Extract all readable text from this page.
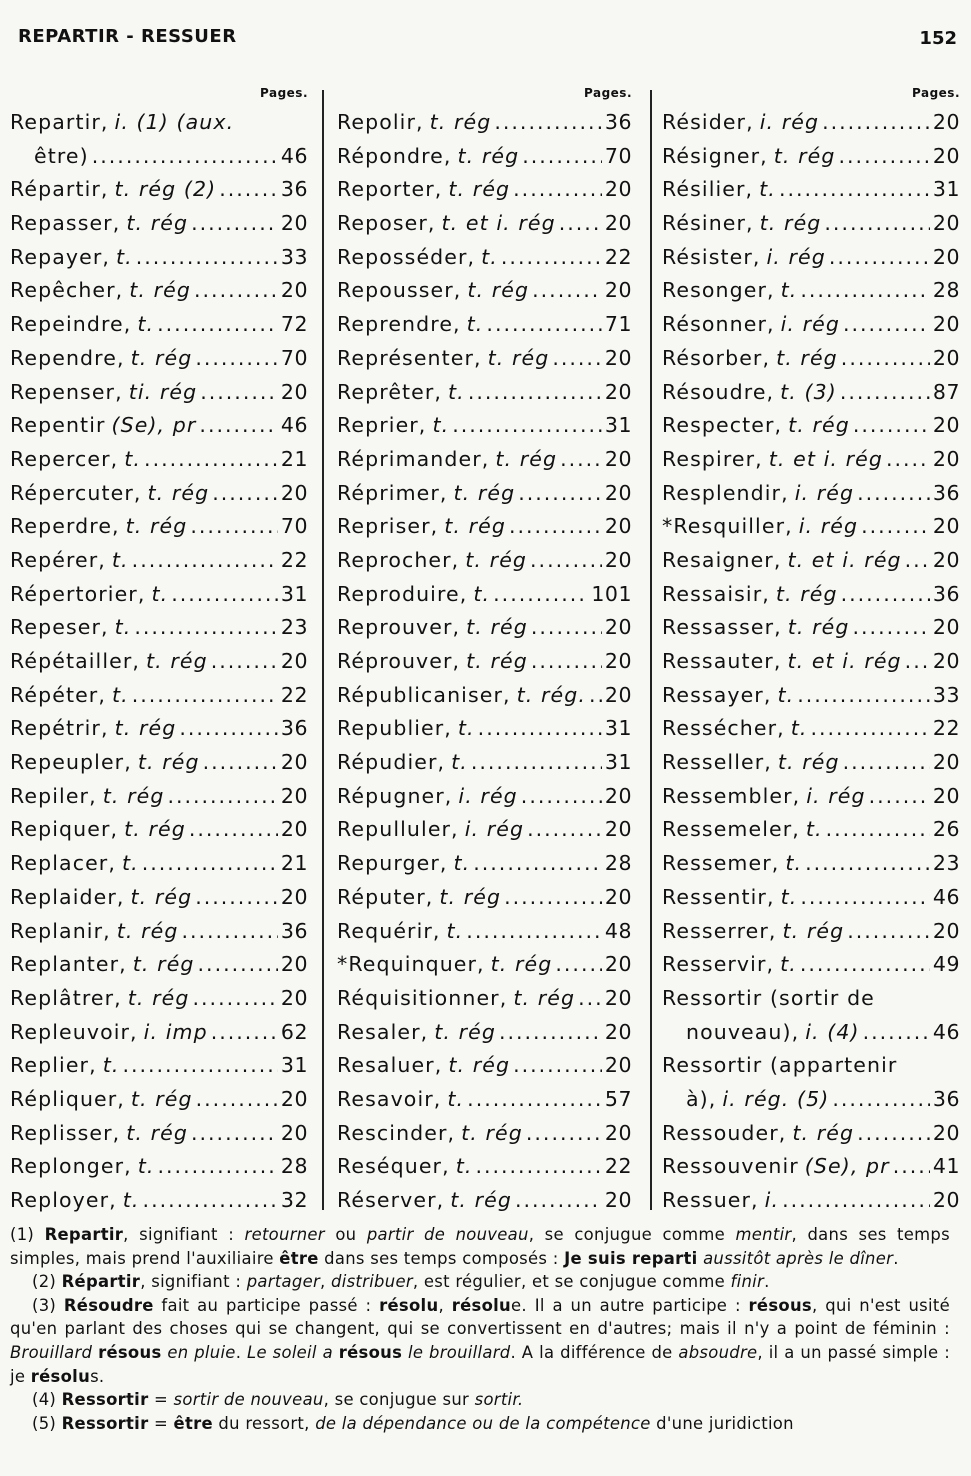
REPARTIR - RESSUER	152
Pages.
Repartir, i. (1) (aux.
être) .....	46
Répartir, t. rég (2) .....	36
Repasser, t. rég .....	20
Repayer, t. .....	33
Repêcher, t. rég .....	20
Repeindre, t. .....	72
Rependre, t. rég .....	70
Repenser, ti. rég .....	20
Repentir (Se), pr .....	46
Repercer, t. .....	21
Répercuter, t. rég .....	20
Reperdre, t. rég .....	70
Repérer, t. .....	22
Répertorier, t. .....	31
Repeser, t. .....	23
Répétailler, t. rég .....	20
Répéter, t. .....	22
Repétrir, t. rég .....	36
Repeupler, t. rég .....	20
Repiler, t. rég .....	20
Repiquer, t. rég .....	20
Replacer, t. .....	21
Replaider, t. rég .....	20
Replanir, t. rég .....	36
Replanter, t. rég .....	20
Replâtrer, t. rég .....	20
Repleuvoir, i. imp .....	62
Replier, t. .....	31
Répliquer, t. rég .....	20
Replisser, t. rég .....	20
Replonger, t. .....	28
Reployer, t. .....	32
Pages.
Repolir, t. rég .....	36
Répondre, t. rég .....	70
Reporter, t. rég .....	20
Reposer, t. et i. rég ..... 20
Reposséder, t. .....	22
Repousser, t. rég .....	20
Reprendre, t. .....	71
Représenter, t. rég .....	20
Reprêter, t. .....	20
Reprier, t. .....	31
Réprimander, t. rég ..... 20
Réprimer, t. rég .....	20
Repriser, t. rég .....	20
Reprocher, t. rég .....	20
Reproduire, t. .....	101
Reprouver, t. rég .....	20
Réprouver, t. rég .....	20
Républicaniser, t. rég. ..... 20
Republier, t. .....	31
Répudier, t. .....	31
Répugner, i. rég .....	20
Repulluler, i. rég .....	20
Repurger, t. .....	28
Réputer, t. rég .....	20
Requérir, t. .....	48
*Requinquer, t. rég .....	20
Réquisitionner, t. rég ..... 20
Resaler, t. rég .....	20
Resaluer, t. rég .....	20
Resavoir, t. .....	57
Rescinder, t. rég .....	20
Reséquer, t. .....	22
Réserver, t. rég .....	20
Pages.
Résider, i. rég .....	20
Résigner, t. rég .....	20
Résilier, t. .....	31
Résiner, t. rég .....	20
Résister, i. rég .....	20
Resonger, t. .....	28
Résonner, i. rég .....	20
Résorber, t. rég .....	20
Résoudre, t. (3) .....	87
Respecter, t. rég .....	20
Respirer, t. et i. rég ..... 20
Resplendir, i. rég .....	36
*Resquiller, i. rég .....	20
Resaigner, t. et i. rég ..... 20
Ressaisir, t. rég .....	36
Ressasser, t. rég .....	20
Ressauter, t. et i. rég ..... 20
Ressayer, t. .....	33
Ressécher, t. .....	22
Resseller, t. rég .....	20
Ressembler, i. rég .....	20
Ressemeler, t. .....	26
Ressemer, t. .....	23
Ressentir, t. .....	46
Resserrer, t. rég .....	20
Resservir, t. .....	49
Ressortir (sortir de
nouveau), i. (4) .....	46
Ressortir (appartenir
à), i. rég. (5) .....	36
Ressouder, t. rég .....	20
Ressouvenir (Se), pr ..... 41
Ressuer, i. .....	20
(1) Repartir, signifiant : retourner ou partir de nouveau, se conjugue comme mentir, dans ses temps simples, mais prend l'auxiliaire être dans ses temps composés : Je suis reparti aussitôt après le dîner.
(2) Répartir, signifiant : partager, distribuer, est régulier, et se conjugue comme finir.
(3) Résoudre fait au participe passé : résolu, résolue. Il a un autre participe : résous, qui n'est usité qu'en parlant des choses qui se changent, qui se convertissent en d'autres; mais il n'y a point de féminin : Brouillard résous en pluie. Le soleil a résous le brouillard. A la différence de absoudre, il a un passé simple : je résolus.
(4) Ressortir = sortir de nouveau, se conjugue sur sortir.
(5) Ressortir = être du ressort, de la dépendance ou de la compétence d'une juridiction
